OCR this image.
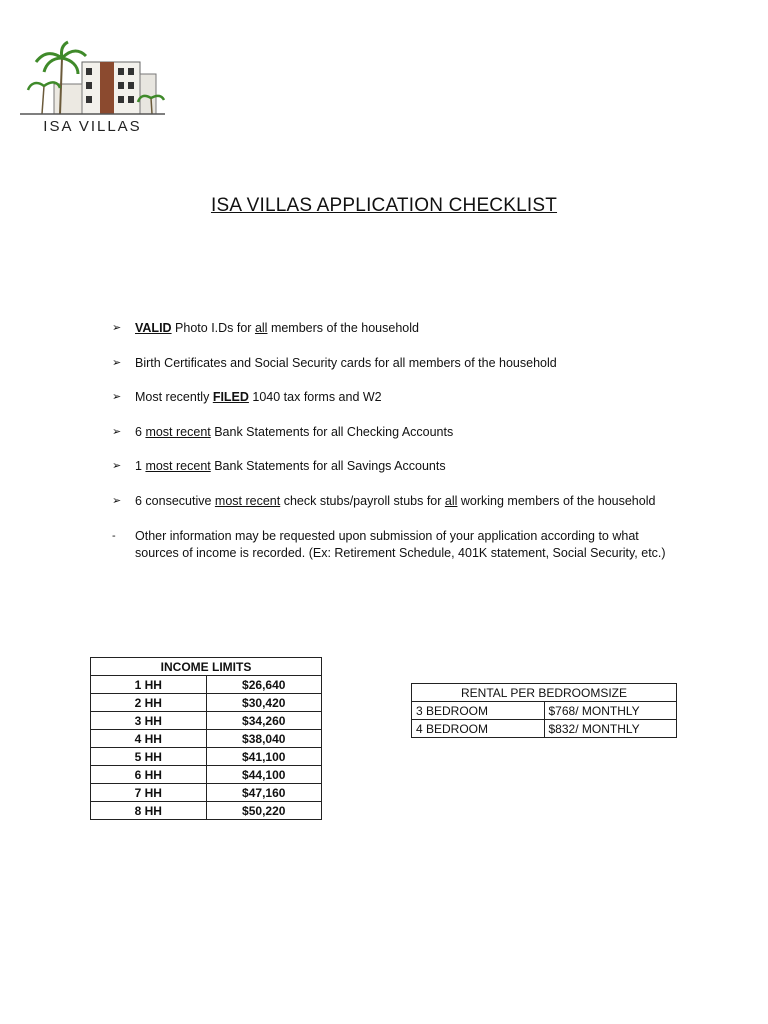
ISA VILLAS
ISA VILLAS APPLICATION CHECKLIST
➢	VALID Photo I.Ds for all members of the household
➢	Birth Certificates and Social Security cards for all members of the household
➢	Most recently FILED 1040 tax forms and W2
➢	6 most recent Bank Statements for all Checking Accounts
➢	1 most recent Bank Statements for all Savings Accounts
➢	6 consecutive most recent check stubs/payroll stubs for all working members of the household
-	Other information may be requested upon submission of your application according to what
sources of income is recorded. (Ex: Retirement Schedule, 401K statement, Social Security, etc.)
INCOME LIMITS	
1 HH	$26,640
2 HH	$30,420
3 HH	$34,260
4 HH	$38,040
5 HH	$41,100
6 HH	$44,100
7 HH	$47,160
8 HH	$50,220
RENTAL PER BEDROOMSIZE	
3 BEDROOM	$768/ MONTHLY
4 BEDROOM	$832/ MONTHLY
